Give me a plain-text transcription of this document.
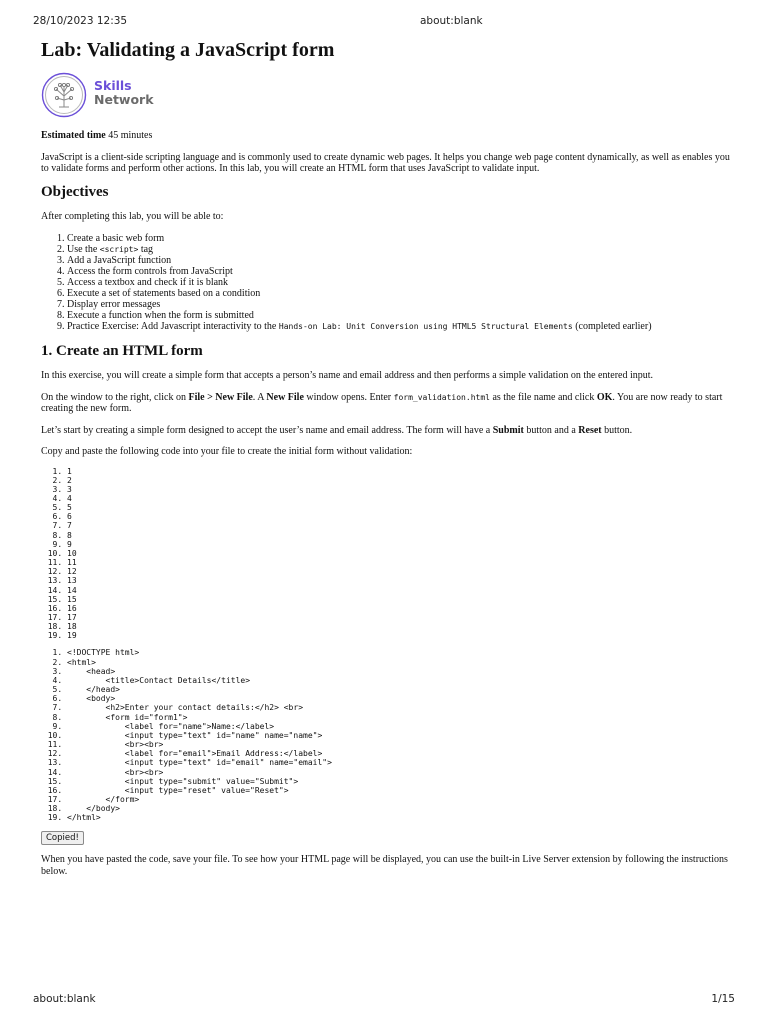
28/10/2023 12:35	about:blank
Lab: Validating a JavaScript form
Skills
Network

Estimated time 45 minutes

JavaScript is a client-side scripting language and is commonly used to create dynamic web pages. It helps you change web page content dynamically, as well as enables you to validate forms and perform other actions. In this lab, you will create an HTML form that uses JavaScript to validate input.

Objectives

After completing this lab, you will be able to:

1. Create a basic web form
2. Use the <script> tag
3. Add a JavaScript function
4. Access the form controls from JavaScript
5. Access a textbox and check if it is blank
6. Execute a set of statements based on a condition
7. Display error messages
8. Execute a function when the form is submitted
9. Practice Exercise: Add Javascript interactivity to the Hands-on Lab: Unit Conversion using HTML5 Structural Elements (completed earlier)
1. Create an HTML form

In this exercise, you will create a simple form that accepts a person’s name and email address and then performs a simple validation on the entered input.

On the window to the right, click on File > New File. A New File window opens. Enter form_validation.html as the file name and click OK. You are now ready to start creating the new form.

Let’s start by creating a simple form designed to accept the user’s name and email address. The form will have a Submit button and a Reset button.

Copy and paste the following code into your file to create the initial form without validation:

1. 1
2. 2
3. 3
4. 4
5. 5
6. 6
7. 7
8. 8
9. 9
10. 10
11. 11
12. 12
13. 13
14. 14
15. 15
16. 16
17. 17
18. 18
19. 19
1. <!DOCTYPE html>
2. <html>
3.     <head>
4.         <title>Contact Details</title>
5.     </head>
6.     <body>
7.         <h2>Enter your contact details:</h2> <br>
8.         <form id="form1">
9.             <label for="name">Name:</label>
10.             <input type="text" id="name" name="name">
11.             <br><br>
12.             <label for="email">Email Address:</label>
13.             <input type="text" id="email" name="email">
14.             <br><br>
15.             <input type="submit" value="Submit">
16.             <input type="reset" value="Reset">
17.         </form>
18.     </body>
19. </html>
Copied!

When you have pasted the code, save your file. To see how your HTML page will be displayed, you can use the built-in Live Server extension by following the instructions below.

about:blank	1/15
